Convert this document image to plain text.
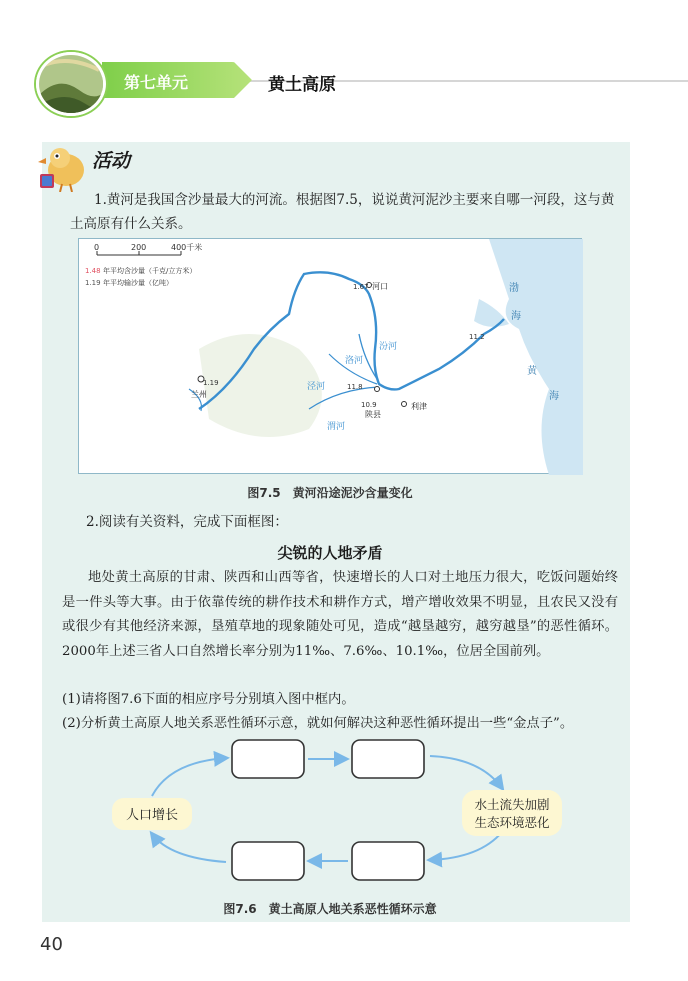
第七单元	黄土高原
活动
1.黄河是我国含沙量最大的河流。根据图7.5，说说黄河泥沙主要来自哪一河段，这与黄土高原有什么关系。
0	200	400千米
1.48 年平均含沙量（千克/立方米）
1.19 年平均输沙量（亿吨）
兰州
河口
陕县
利津
1.19
1.67
11.2
10.9
11.8
渭河
汾河
泾河
洛河
渤
海
黄
海
图7.5　黄河沿途泥沙含量变化
2.阅读有关资料，完成下面框图：
尖锐的人地矛盾
地处黄土高原的甘肃、陕西和山西等省，快速增长的人口对土地压力很大，吃饭问题始终是一件头等大事。由于依靠传统的耕作技术和耕作方式，增产增收效果不明显，且农民又没有或很少有其他经济来源，垦殖草地的现象随处可见，造成“越垦越穷，越穷越垦”的恶性循环。2000年上述三省人口自然增长率分别为11‰、7.6‰、10.1‰，位居全国前列。
(1)请将图7.6下面的相应序号分别填入图中框内。
(2)分析黄土高原人地关系恶性循环示意，就如何解决这种恶性循环提出一些“金点子”。
人口增长
水土流失加剧
生态环境恶化
图7.6　黄土高原人地关系恶性循环示意
40
